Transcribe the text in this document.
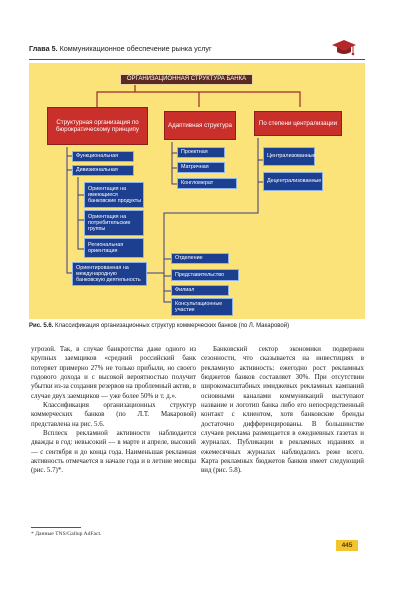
Глава 5. Коммуникационное обеспечение рынка услуг
ОРГАНИЗАЦИОННАЯ СТРУКТУРА БАНКА
Структурная организация по бюрократическому принципу
Адаптивная структура	По степени централизации
Функциональная
Дивизиональная
Ориентация на имеющиеся банковские продукты
Ориентация на потребительские группы
Региональная ориентация
Ориентированная на международную банковскую деятельность
Проектная
Матричная
Конгломерат
Централизованные
Децентрализованные
Отделение
Представительство
Филиал
Консультационные участие
Рис. 5.6. Классификация организационных структур коммерческих банков (по Л. Макаровой)

угрозой. Так, в случае банкротства даже одного из крупных заемщиков «средний российский банк потеряет примерно 27% не только прибыли, но своего годового дохода и с высокой вероятностью получит убытки из-за создания резервов на проблемный актив, в случае двух заемщиков — уже более 50% и т. д.».

Классификация организационных структур коммерческих банков (по Л.Т. Макаровой) представлена на рис. 5.6.

Всплеск рекламной активности наблюдается дважды в год: невысокий — в марте и апреле, высокий — с сентября и до конца года. Наименьшая рекламная активность отмечается в начале года и в летние месяцы (рис. 5.7)*.

Банковский сектор экономики подвержен сезонности, что сказывается на инвестициях в рекламную активность: ежегодно рост рекламных бюджетов банков составляет 30%. При отсутствии широкомасштабных имиджевых рекламных кампаний основными каналами коммуникаций выступают название и логотип банка либо его непосредственный контакт с клиентом, хотя банковские бренды достаточно дифференцированы. В большинстве случаев реклама размещается в ежедневных газетах и журналах. Публикации в рекламных изданиях и ежемесячных журналах наблюдались реже всего. Карта рекламных бюджетов банков имеет следующий вид (рис. 5.8).

* Данные TNS/Gallup AdFact.
445
